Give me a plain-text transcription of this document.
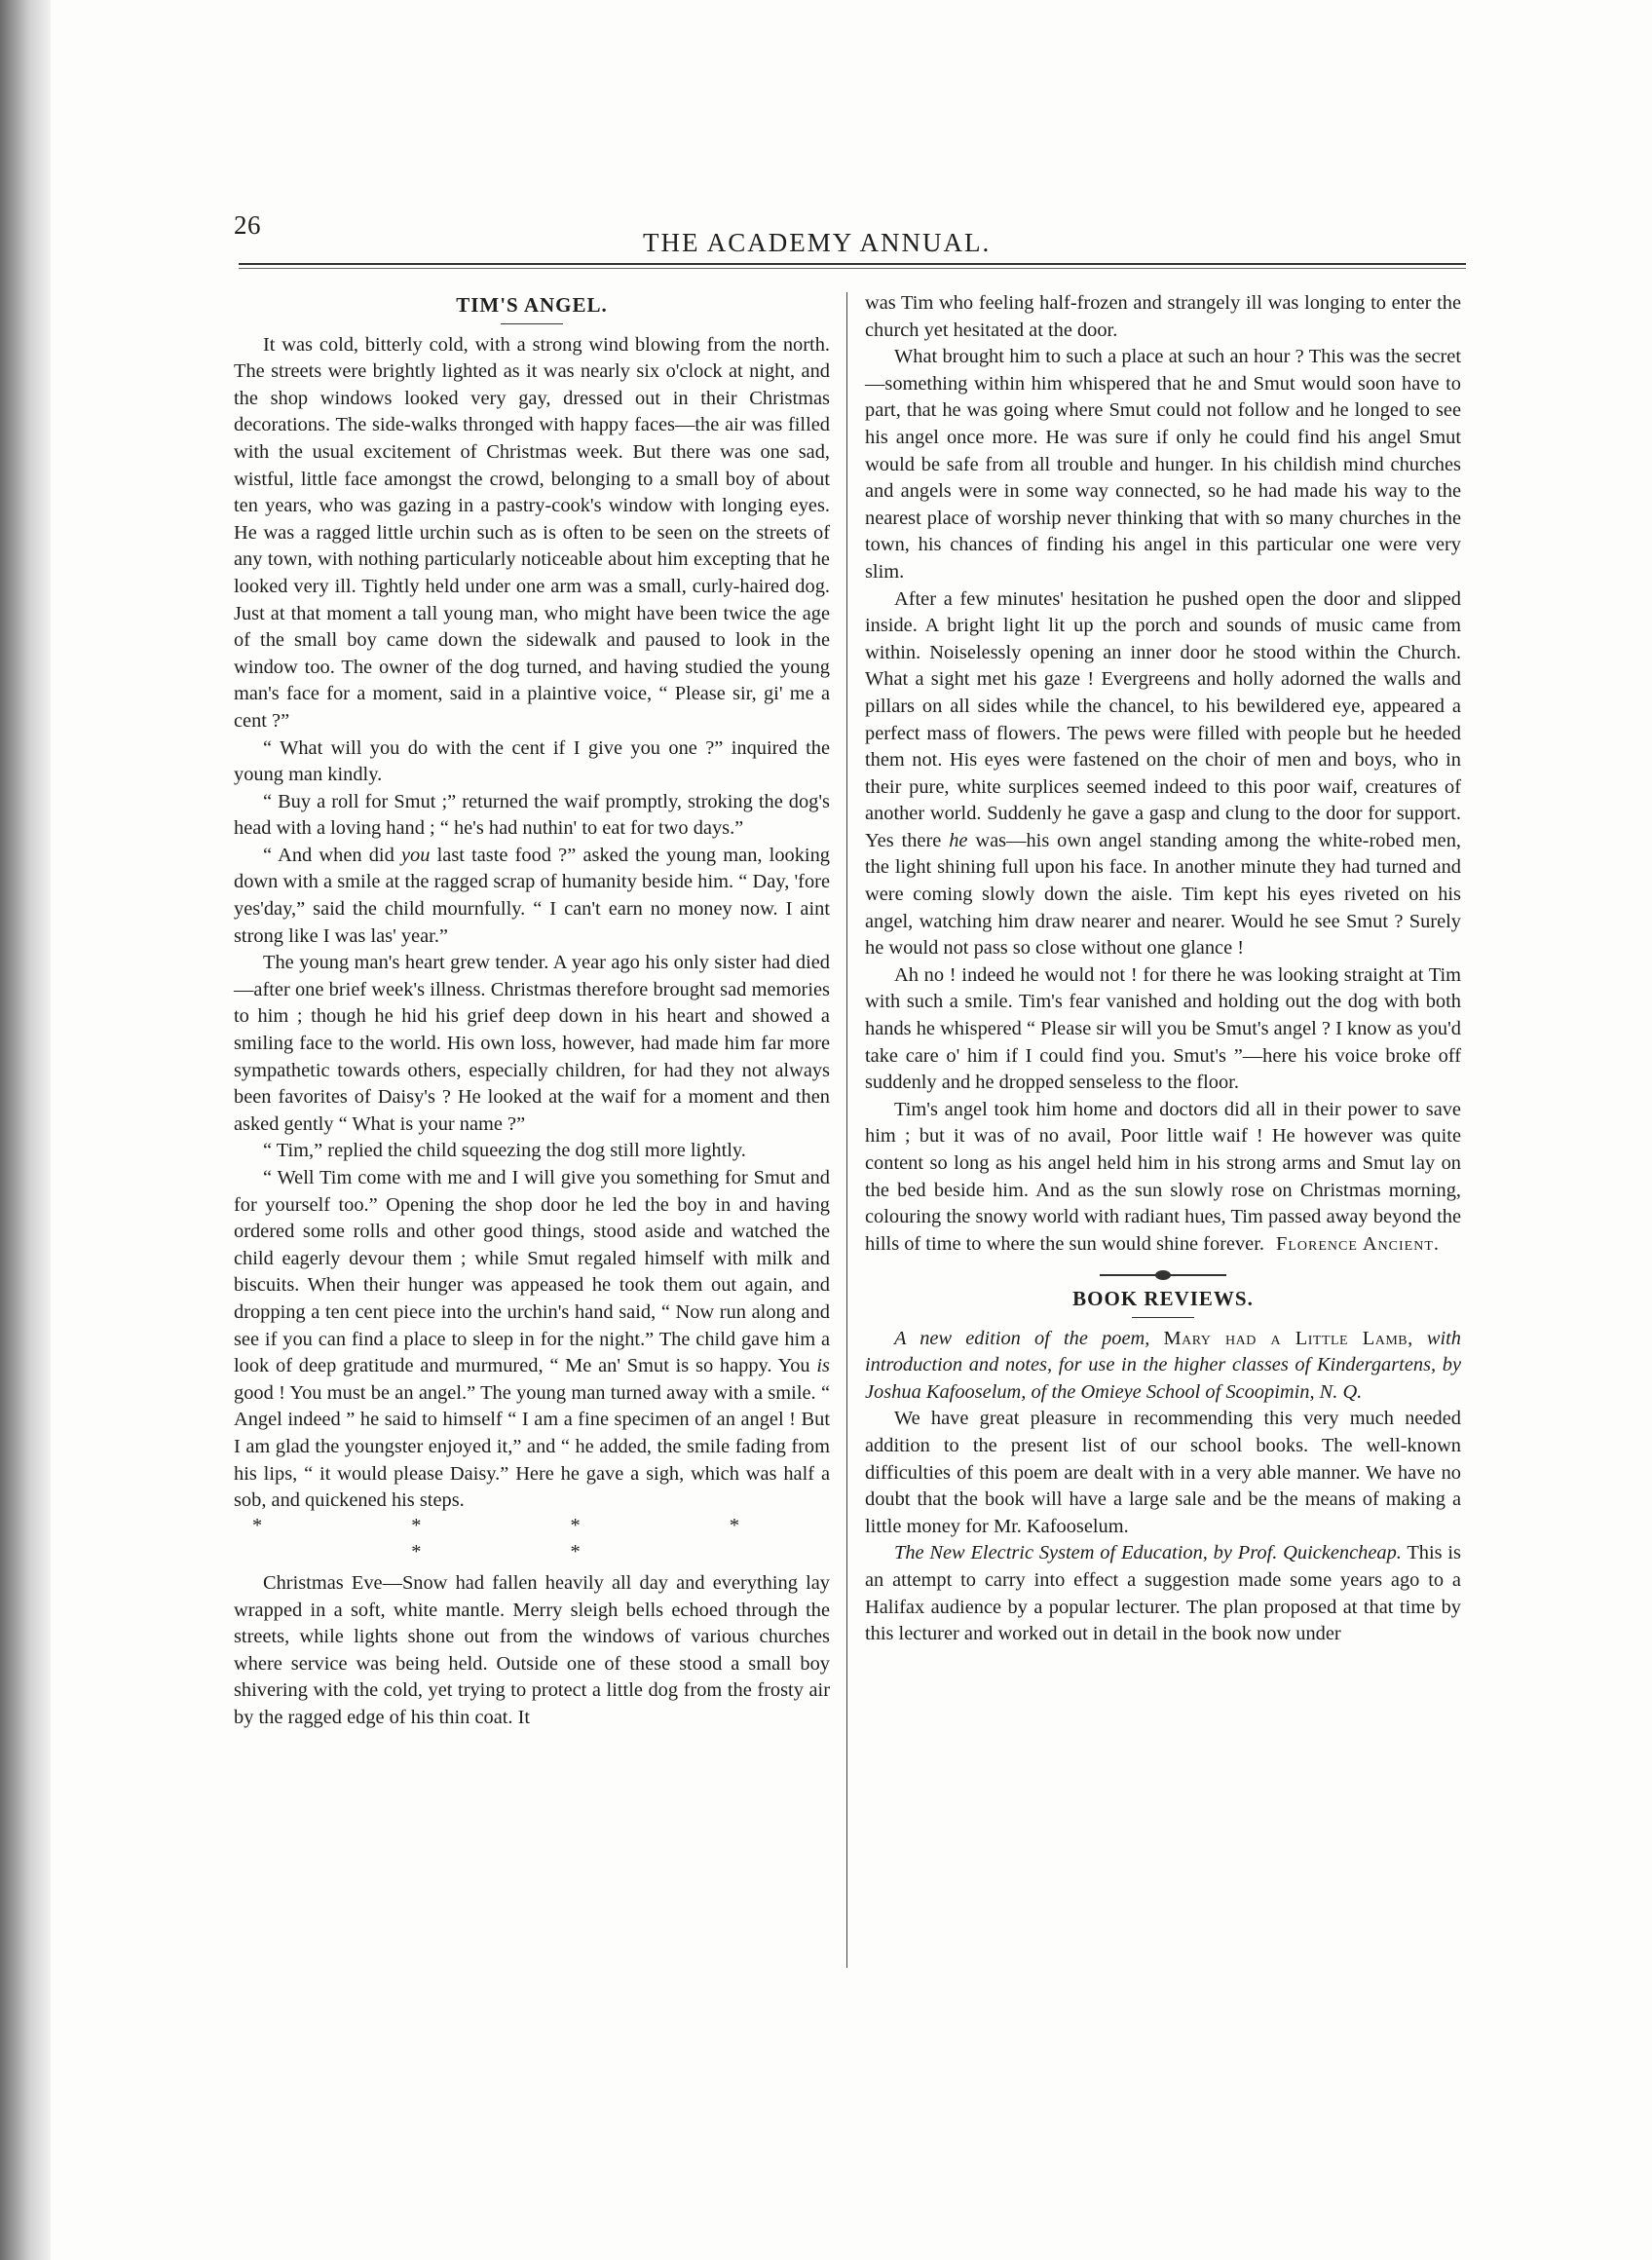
26
THE ACADEMY ANNUAL.
TIM'S ANGEL.

It was cold, bitterly cold, with a strong wind blowing from the north. The streets were brightly lighted as it was nearly six o'clock at night, and the shop windows looked very gay, dressed out in their Christmas decorations. The side-walks thronged with happy faces—the air was filled with the usual excitement of Christmas week. But there was one sad, wistful, little face amongst the crowd, belonging to a small boy of about ten years, who was gazing in a pastry-cook's window with longing eyes. He was a ragged little urchin such as is often to be seen on the streets of any town, with nothing particularly noticeable about him excepting that he looked very ill. Tightly held under one arm was a small, curly-haired dog. Just at that moment a tall young man, who might have been twice the age of the small boy came down the sidewalk and paused to look in the window too. The owner of the dog turned, and having studied the young man's face for a moment, said in a plaintive voice, “ Please sir, gi' me a cent ?”

“ What will you do with the cent if I give you one ?” inquired the young man kindly.

“ Buy a roll for Smut ;” returned the waif promptly, stroking the dog's head with a loving hand ; “ he's had nuthin' to eat for two days.”

“ And when did you last taste food ?” asked the young man, looking down with a smile at the ragged scrap of humanity beside him. “ Day, 'fore yes'day,” said the child mournfully. “ I can't earn no money now. I aint strong like I was las' year.”

The young man's heart grew tender. A year ago his only sister had died—after one brief week's illness. Christmas therefore brought sad memories to him ; though he hid his grief deep down in his heart and showed a smiling face to the world. His own loss, however, had made him far more sympathetic towards others, especially children, for had they not always been favorites of Daisy's ? He looked at the waif for a moment and then asked gently “ What is your name ?”

“ Tim,” replied the child squeezing the dog still more lightly.

“ Well Tim come with me and I will give you something for Smut and for yourself too.” Opening the shop door he led the boy in and having ordered some rolls and other good things, stood aside and watched the child eagerly devour them ; while Smut regaled himself with milk and biscuits. When their hunger was appeased he took them out again, and dropping a ten cent piece into the urchin's hand said, “ Now run along and see if you can find a place to sleep in for the night.” The child gave him a look of deep gratitude and murmured, “ Me an' Smut is so happy. You is good ! You must be an angel.” The young man turned away with a smile. “ Angel indeed ” he said to himself “ I am a fine specimen of an angel ! But I am glad the youngster enjoyed it,” and “ he added, the smile fading from his lips, “ it would please Daisy.” Here he gave a sigh, which was half a sob, and quickened his steps.

* * * * * *

Christmas Eve—Snow had fallen heavily all day and everything lay wrapped in a soft, white mantle. Merry sleigh bells echoed through the streets, while lights shone out from the windows of various churches where service was being held. Outside one of these stood a small boy shivering with the cold, yet trying to protect a little dog from the frosty air by the ragged edge of his thin coat. It

was Tim who feeling half-frozen and strangely ill was longing to enter the church yet hesitated at the door.

What brought him to such a place at such an hour ? This was the secret—something within him whispered that he and Smut would soon have to part, that he was going where Smut could not follow and he longed to see his angel once more. He was sure if only he could find his angel Smut would be safe from all trouble and hunger. In his childish mind churches and angels were in some way connected, so he had made his way to the nearest place of worship never thinking that with so many churches in the town, his chances of finding his angel in this particular one were very slim.

After a few minutes' hesitation he pushed open the door and slipped inside. A bright light lit up the porch and sounds of music came from within. Noiselessly opening an inner door he stood within the Church. What a sight met his gaze ! Evergreens and holly adorned the walls and pillars on all sides while the chancel, to his bewildered eye, appeared a perfect mass of flowers. The pews were filled with people but he heeded them not. His eyes were fastened on the choir of men and boys, who in their pure, white surplices seemed indeed to this poor waif, creatures of another world. Suddenly he gave a gasp and clung to the door for support. Yes there he was—his own angel standing among the white-robed men, the light shining full upon his face. In another minute they had turned and were coming slowly down the aisle. Tim kept his eyes riveted on his angel, watching him draw nearer and nearer. Would he see Smut ? Surely he would not pass so close without one glance !

Ah no ! indeed he would not ! for there he was looking straight at Tim with such a smile. Tim's fear vanished and holding out the dog with both hands he whispered “ Please sir will you be Smut's angel ? I know as you'd take care o' him if I could find you. Smut's ”—here his voice broke off suddenly and he dropped senseless to the floor.

Tim's angel took him home and doctors did all in their power to save him ; but it was of no avail, Poor little waif ! He however was quite content so long as his angel held him in his strong arms and Smut lay on the bed beside him. And as the sun slowly rose on Christmas morning, colouring the snowy world with radiant hues, Tim passed away beyond the hills of time to where the sun would shine forever. Florence Ancient.
BOOK REVIEWS.

A new edition of the poem, Mary had a Little Lamb, with introduction and notes, for use in the higher classes of Kindergartens, by Joshua Kafooselum, of the Omieye School of Scoopimin, N. Q.

We have great pleasure in recommending this very much needed addition to the present list of our school books. The well-known difficulties of this poem are dealt with in a very able manner. We have no doubt that the book will have a large sale and be the means of making a little money for Mr. Kafooselum.

The New Electric System of Education, by Prof. Quickencheap. This is an attempt to carry into effect a suggestion made some years ago to a Halifax audience by a popular lecturer. The plan proposed at that time by this lecturer and worked out in detail in the book now under
